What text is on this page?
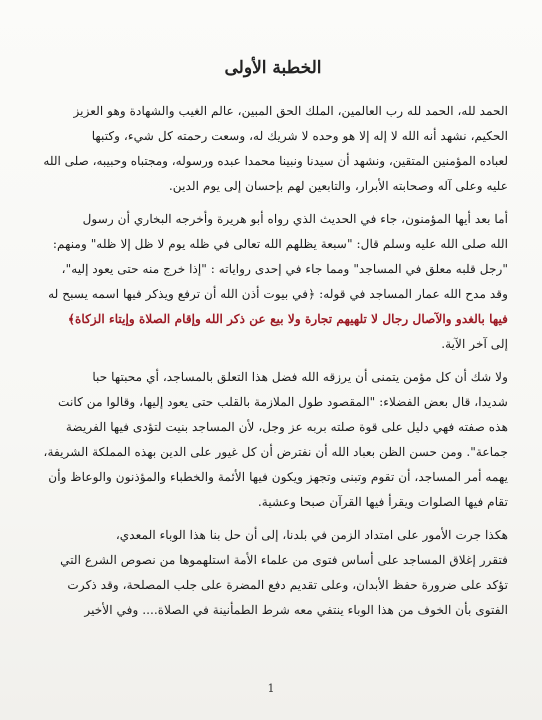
الخطبة الأولى
الحمد لله، الحمد لله رب العالمين، الملك الحق المبين، عالم الغيب والشهادة وهو العزيز
الحكيم، نشهد أنه الله لا إله إلا هو وحده لا شريك له، وسعت رحمته كل شيء، وكتبها
لعباده المؤمنين المتقين، ونشهد أن سيدنا ونبينا محمدا عبده ورسوله، ومجتباه وحبيبه، صلى الله
عليه وعلى آله وصحابته الأبرار، والتابعين لهم بإحسان إلى يوم الدين.
أما بعد أيها المؤمنون، جاء في الحديث الذي رواه أبو هريرة وأخرجه البخاري أن رسول
الله صلى الله عليه وسلم قال: "سبعة يظلهم الله تعالى في ظله يوم لا ظل إلا ظله" ومنهم:
"رجل قلبه معلق في المساجد" ومما جاء في إحدى رواياته : "إذا خرج منه حتى يعود إليه"،
وقد مدح الله عمار المساجد في قوله: ﴿في بيوت أذن الله أن ترفع ويذكر فيها اسمه يسبح له
فيها بالغدو والآصال رجال لا تلهيهم تجارة ولا بيع عن ذكر الله وإقام الصلاة وإيتاء الزكاة﴾
إلى آخر الآية.
ولا شك أن كل مؤمن يتمنى أن يرزقه الله فضل هذا التعلق بالمساجد، أي محبتها حبا
شديدا، قال بعض الفضلاء: "المقصود طول الملازمة بالقلب حتى يعود إليها، وقالوا من كانت
هذه صفته فهي دليل على قوة صلته بربه عز وجل، لأن المساجد بنيت لتؤدى فيها الفريضة
جماعة". ومن حسن الظن بعباد الله أن نفترض أن كل غيور على الدين بهذه المملكة الشريفة،
يهمه أمر المساجد، أن تقوم وتبنى وتجهز ويكون فيها الأئمة والخطباء والمؤذنون والوعاظ وأن
تقام فيها الصلوات ويقرأ فيها القرآن صبحا وعشية.
هكذا جرت الأمور على امتداد الزمن في بلدنا، إلى أن حل بنا هذا الوباء المعدي،
فتقرر إغلاق المساجد على أساس فتوى من علماء الأمة استلهموها من نصوص الشرع التي
تؤكد على ضرورة حفظ الأبدان، وعلى تقديم دفع المضرة على جلب المصلحة، وقد ذكرت
الفتوى بأن الخوف من هذا الوباء ينتفي معه شرط الطمأنينة في الصلاة.... وفي الأخير
1
